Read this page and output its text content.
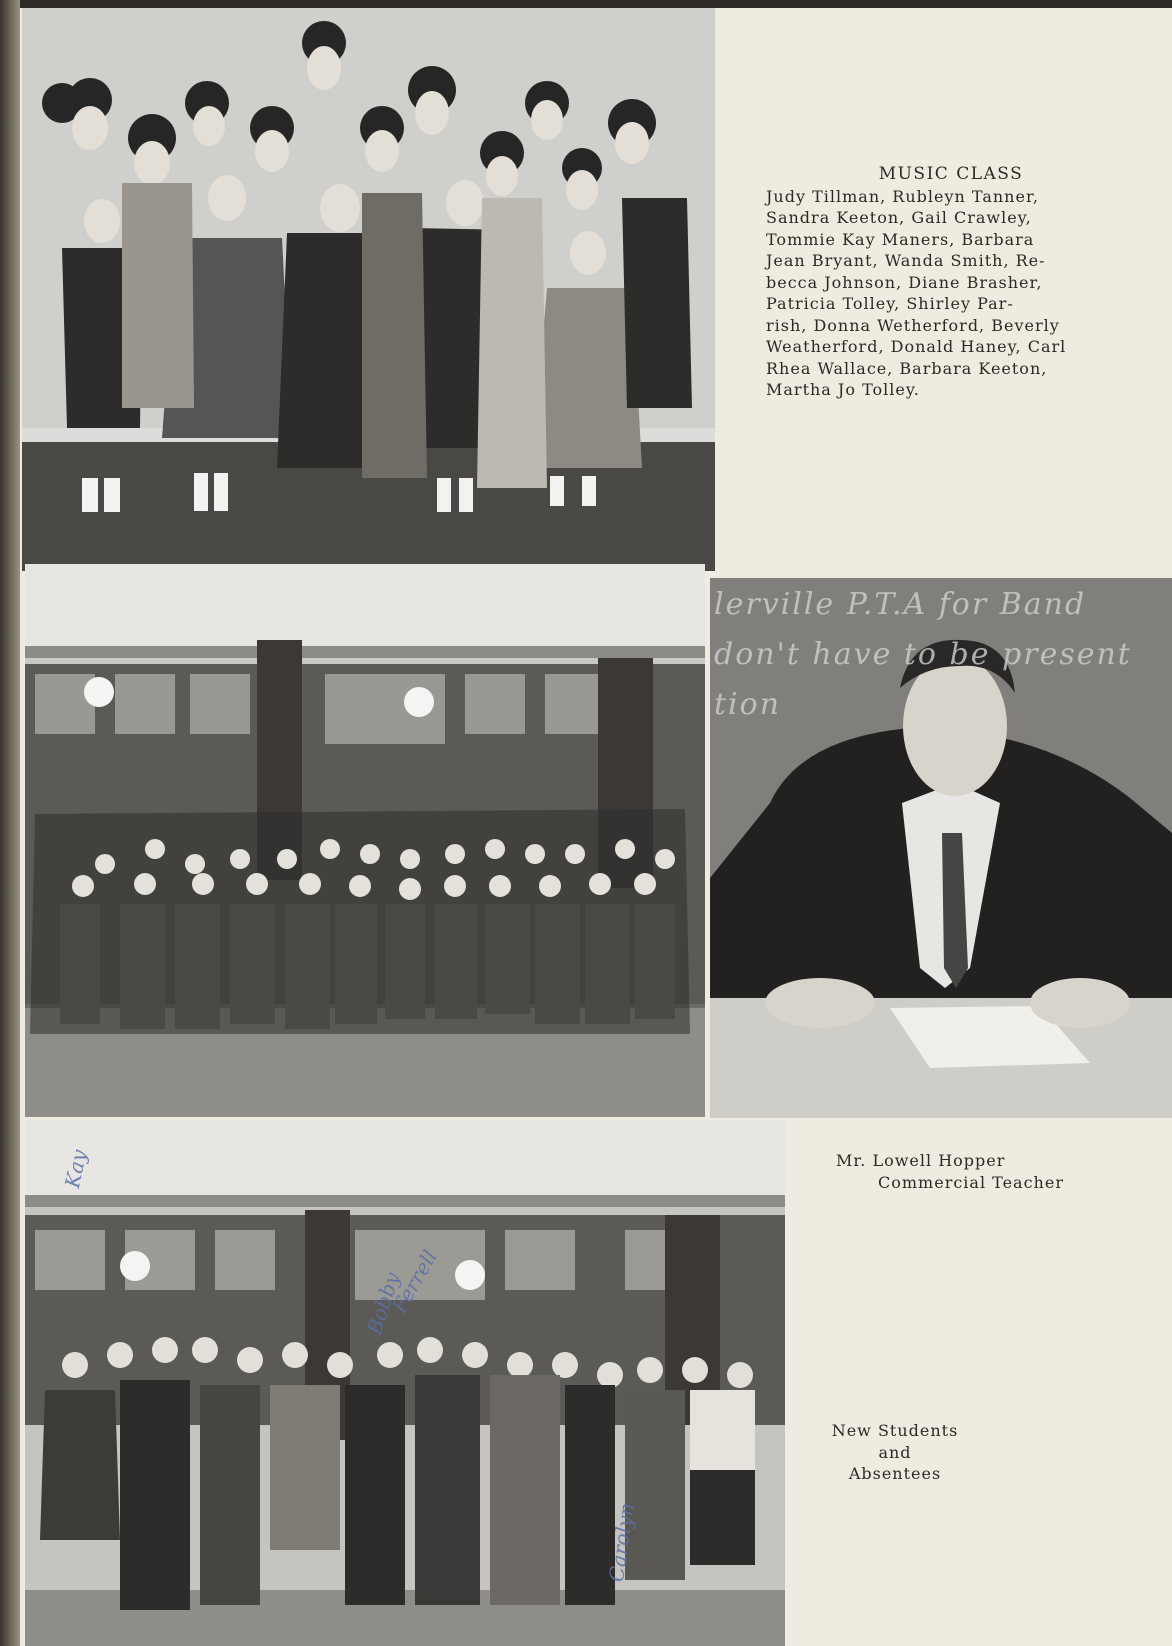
MUSIC CLASS
Judy Tillman, Rubleyn Tanner,
Sandra Keeton, Gail Crawley,
Tommie Kay Maners, Barbara
Jean Bryant, Wanda Smith, Re-
becca Johnson, Diane Brasher,
Patricia Tolley, Shirley Par-
rish, Donna Wetherford, Beverly
Weatherford, Donald Haney, Carl
Rhea Wallace, Barbara Keeton,
Martha Jo Tolley.
lerville P.T.A for Band
don't have to be present
tion
Mr. Lowell Hopper
Commercial Teacher
Kay
Bobby
Ferrell
Carolyn
New Students
and
Absentees
